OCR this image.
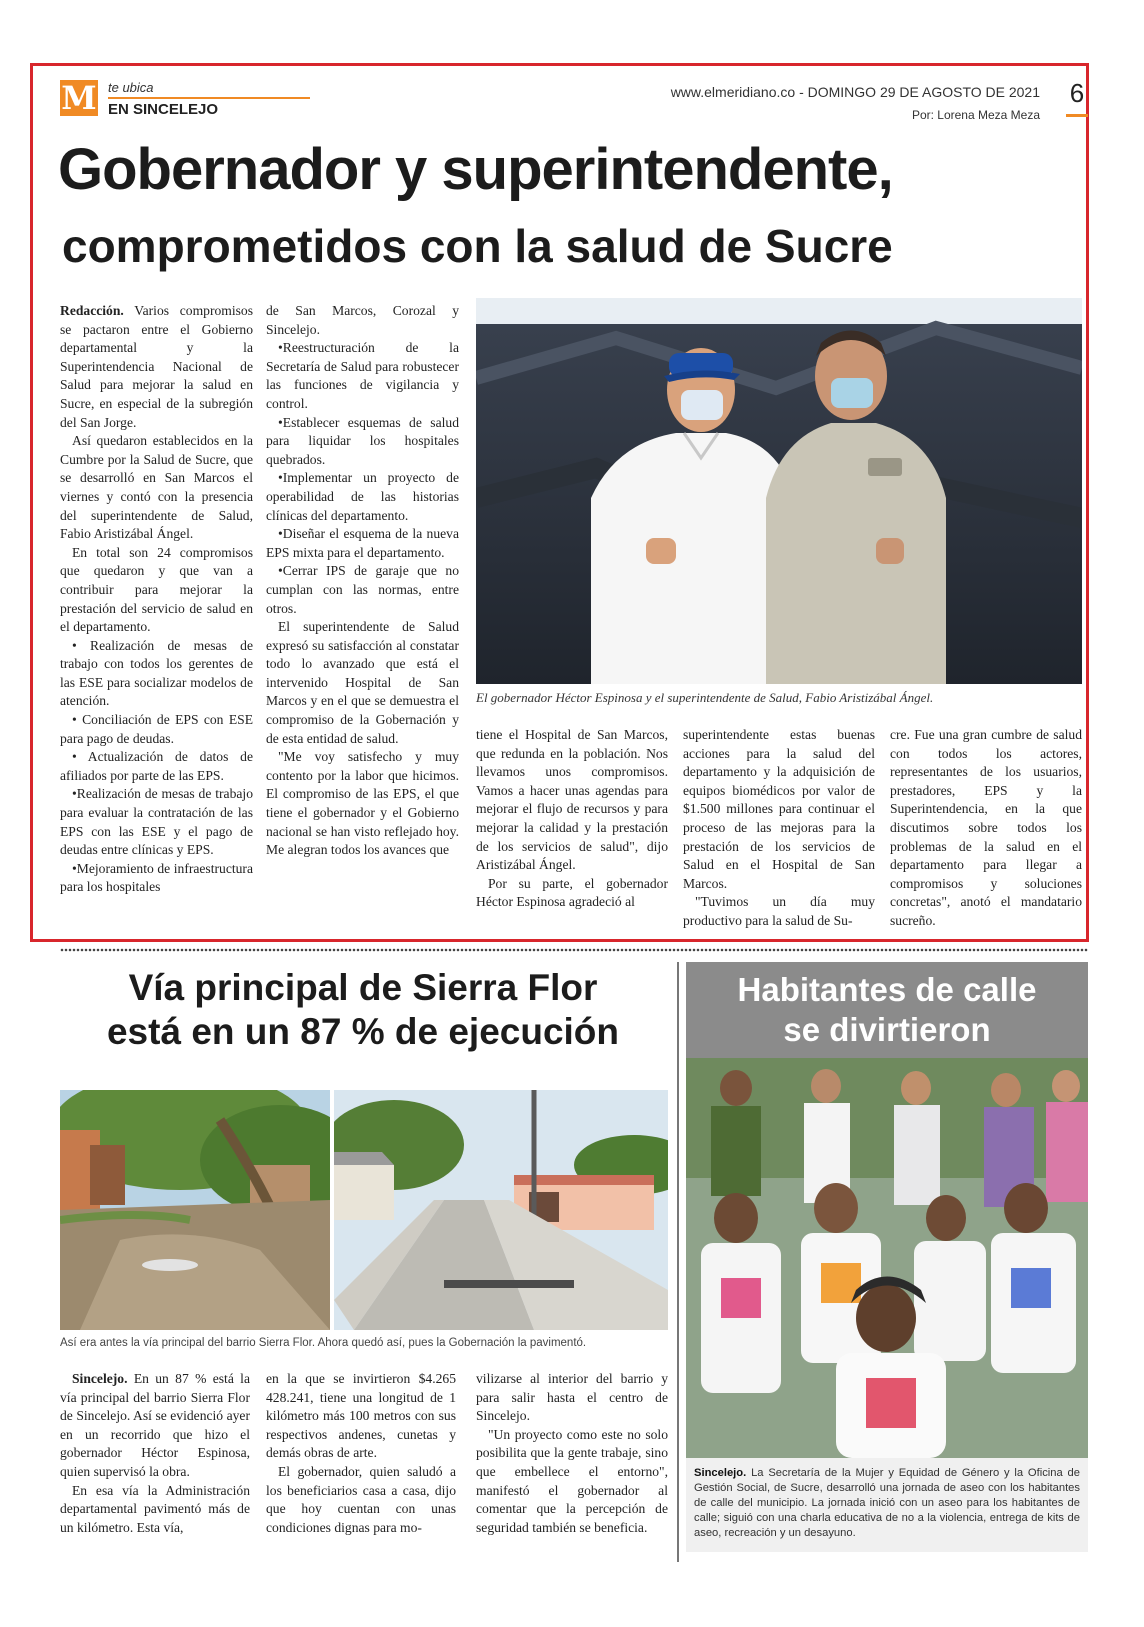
M te ubica
EN SINCELEJO
www.elmeridiano.co - DOMINGO 29 DE AGOSTO DE 2021
Por: Lorena Meza Meza
6
Gobernador y superintendente,
comprometidos con la salud de Sucre

Redacción. Varios compromisos se pactaron entre el Gobierno departamental y la Superintendencia Nacional de Salud para mejorar la salud en Sucre, en especial de la subregión del San Jorge.

Así quedaron establecidos en la Cumbre por la Salud de Sucre, que se desarrolló en San Marcos el viernes y contó con la presencia del superintendente de Salud, Fabio Aristizábal Ángel.

En total son 24 compromisos que quedaron y que van a contribuir para mejorar la prestación del servicio de salud en el departamento.

• Realización de mesas de trabajo con todos los gerentes de las ESE para socializar modelos de atención.

• Conciliación de EPS con ESE para pago de deudas.

• Actualización de datos de afiliados por parte de las EPS.

•Realización de mesas de trabajo para evaluar la contratación de las EPS con las ESE y el pago de deudas entre clínicas y EPS.

•Mejoramiento de infraestructura para los hospitales

de San Marcos, Corozal y Sincelejo.

•Reestructuración de la Secretaría de Salud para robustecer las funciones de vigilancia y control.

•Establecer esquemas de salud para liquidar los hospitales quebrados.

•Implementar un proyecto de operabilidad de las historias clínicas del departamento.

•Diseñar el esquema de la nueva EPS mixta para el departamento.

•Cerrar IPS de garaje que no cumplan con las normas, entre otros.

El superintendente de Salud expresó su satisfacción al constatar todo lo avanzado que está el intervenido Hospital de San Marcos y en el que se demuestra el compromiso de la Gobernación y de esta entidad de salud.

"Me voy satisfecho y muy contento por la labor que hicimos. El compromiso de las EPS, el que tiene el gobernador y el Gobierno nacional se han visto reflejado hoy. Me alegran todos los avances que

El gobernador Héctor Espinosa y el superintendente de Salud, Fabio Aristizábal Ángel.

tiene el Hospital de San Marcos, que redunda en la población. Nos llevamos unos compromisos. Vamos a hacer unas agendas para mejorar el flujo de recursos y para mejorar la calidad y la prestación de los servicios de salud", dijo Aristizábal Ángel.

Por su parte, el gobernador Héctor Espinosa agradeció al

superintendente estas buenas acciones para la salud del departamento y la adquisición de equipos biomédicos por valor de $1.500 millones para continuar el proceso de las mejoras para la prestación de los servicios de Salud en el Hospital de San Marcos.

"Tuvimos un día muy productivo para la salud de Su-

cre. Fue una gran cumbre de salud con todos los actores, representantes de los usuarios, prestadores, EPS y la Superintendencia, en la que discutimos sobre todos los problemas de la salud en el departamento para llegar a compromisos y soluciones concretas", anotó el mandatario sucreño.

Vía principal de Sierra Flor
está en un 87 % de ejecución
Así era antes la vía principal del barrio Sierra Flor. Ahora quedó así, pues la Gobernación la pavimentó.

Sincelejo. En un 87 % está la vía principal del barrio Sierra Flor de Sincelejo. Así se evidenció ayer en un recorrido que hizo el gobernador Héctor Espinosa, quien supervisó la obra.

En esa vía la Administración departamental pavimentó más de un kilómetro. Esta vía,

en la que se invirtieron $4.265 428.241, tiene una longitud de 1 kilómetro más 100 metros con sus respectivos andenes, cunetas y demás obras de arte.

El gobernador, quien saludó a los beneficiarios casa a casa, dijo que hoy cuentan con unas condiciones dignas para mo-

vilizarse al interior del barrio y para salir hasta el centro de Sincelejo.

"Un proyecto como este no solo posibilita que la gente trabaje, sino que embellece el entorno", manifestó el gobernador al comentar que la percepción de seguridad también se beneficia.

Habitantes de calle
se divirtieron
Sincelejo. La Secretaría de la Mujer y Equidad de Género y la Oficina de Gestión Social, de Sucre, desarrolló una jornada de aseo con los habitantes de calle del municipio. La jornada inició con un aseo para los habitantes de calle; siguió con una charla educativa de no a la violencia, entrega de kits de aseo, recreación y un desayuno.
